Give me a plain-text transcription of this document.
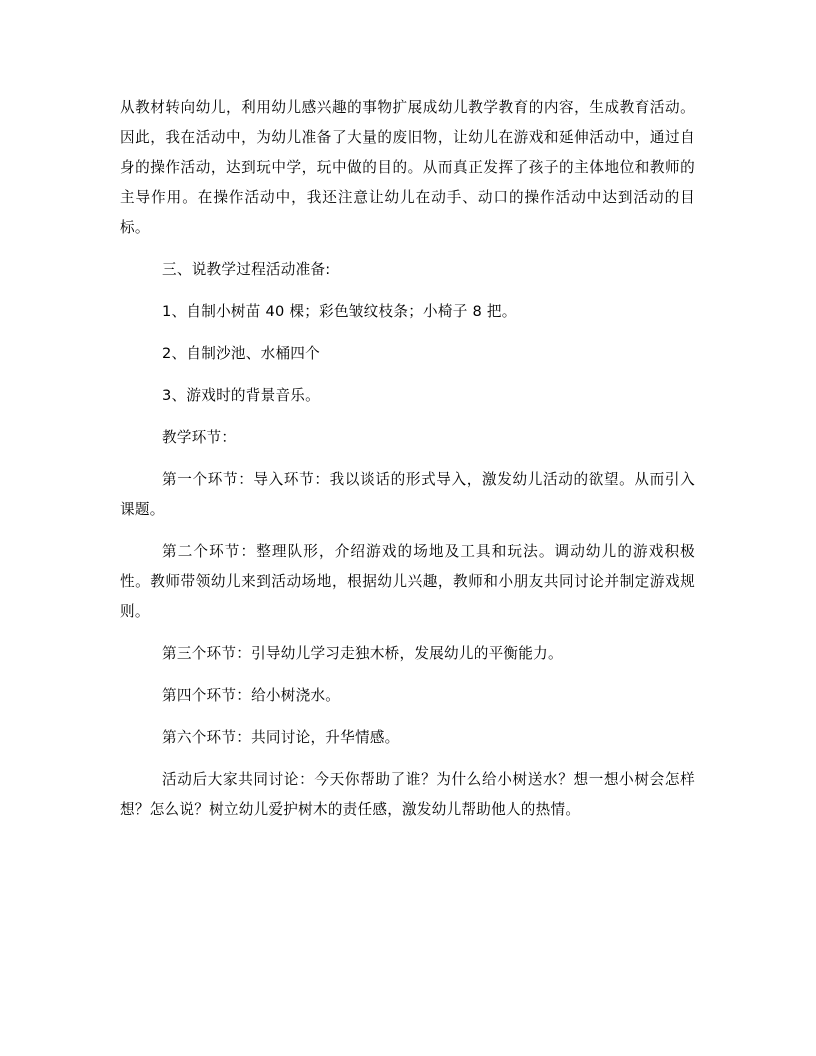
从教材转向幼儿，利用幼儿感兴趣的事物扩展成幼儿教学教育的内容，生成教育活动。因此，我在活动中，为幼儿准备了大量的废旧物，让幼儿在游戏和延伸活动中，通过自身的操作活动，达到玩中学，玩中做的目的。从而真正发挥了孩子的主体地位和教师的主导作用。在操作活动中，我还注意让幼儿在动手、动口的操作活动中达到活动的目标。

三、说教学过程活动准备:

1、自制小树苗 40 棵；彩色皱纹枝条；小椅子 8 把。

2、自制沙池、水桶四个

3、游戏时的背景音乐。

教学环节：

第一个环节：导入环节：我以谈话的形式导入，激发幼儿活动的欲望。从而引入课题。

第二个环节：整理队形，介绍游戏的场地及工具和玩法。调动幼儿的游戏积极性。教师带领幼儿来到活动场地，根据幼儿兴趣，教师和小朋友共同讨论并制定游戏规则。

第三个环节：引导幼儿学习走独木桥，发展幼儿的平衡能力。

第四个环节：给小树浇水。

第六个环节：共同讨论，升华情感。

活动后大家共同讨论：今天你帮助了谁？为什么给小树送水？想一想小树会怎样想？怎么说？树立幼儿爱护树木的责任感，激发幼儿帮助他人的热情。
